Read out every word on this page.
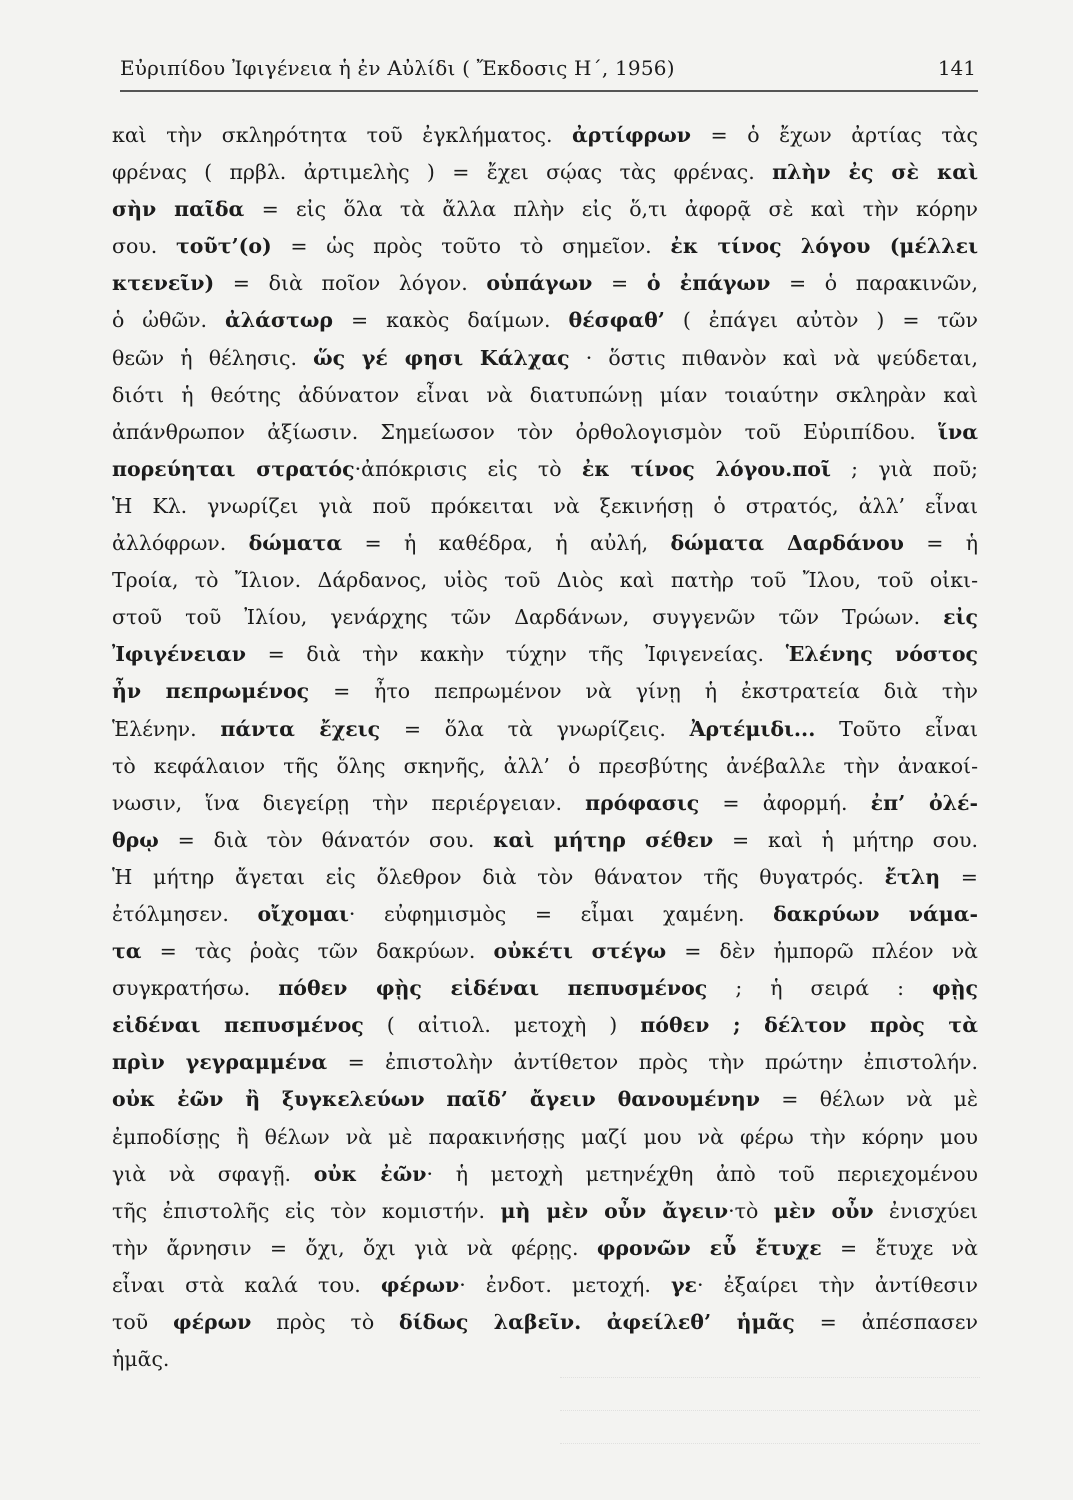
Εὐριπίδου Ἰφιγένεια ἡ ἐν Αὐλίδι ( Ἔκδοσις Η΄, 1956)	141
καὶ τὴν σκληρότητα τοῦ ἐγκλήματος. ἀρτίφρων = ὁ ἔχων ἀρτίας τὰς
φρένας ( πρβλ. ἀρτιμελὴς ) = ἔχει σῴας τὰς φρένας. πλὴν ἐς σὲ καὶ
σὴν παῖδα = εἰς ὅλα τὰ ἄλλα πλὴν εἰς ὅ,τι ἀφορᾷ σὲ καὶ τὴν κόρην
σου. τοῦτ’(ο) = ὡς πρὸς τοῦτο τὸ σημεῖον. ἐκ τίνος λόγου (μέλλει
κτενεῖν) = διὰ ποῖον λόγον. οὑπάγων = ὁ ἐπάγων = ὁ παρακινῶν,
ὁ ὠθῶν. ἀλάστωρ = κακὸς δαίμων. θέσφαθ’ ( ἐπάγει αὐτὸν ) = τῶν
θεῶν ἡ θέλησις. ὥς γέ φησι Κάλχας · ὅστις πιθανὸν καὶ νὰ ψεύδεται,
διότι ἡ θεότης ἀδύνατον εἶναι νὰ διατυπώνῃ μίαν τοιαύτην σκληρὰν καὶ
ἀπάνθρωπον ἀξίωσιν. Σημείωσον τὸν ὀρθολογισμὸν τοῦ Εὐριπίδου. ἵνα
πορεύηται στρατός·ἀπόκρισις εἰς τὸ ἐκ τίνος λόγου.ποῖ ; γιὰ ποῦ;
Ἡ Κλ. γνωρίζει γιὰ ποῦ πρόκειται νὰ ξεκινήσῃ ὁ στρατός, ἀλλ’ εἶναι
ἀλλόφρων. δώματα = ἡ καθέδρα, ἡ αὐλή, δώματα Δαρδάνου = ἡ
Τροία, τὸ Ἴλιον. Δάρδανος, υἱὸς τοῦ Διὸς καὶ πατὴρ τοῦ Ἴλου, τοῦ οἰκι-
στοῦ τοῦ Ἰλίου, γενάρχης τῶν Δαρδάνων, συγγενῶν τῶν Τρώων. εἰς
Ἰφιγένειαν = διὰ τὴν κακὴν τύχην τῆς Ἰφιγενείας. Ἑλένης νόστος
ἦν πεπρωμένος = ἦτο πεπρωμένον νὰ γίνῃ ἡ ἐκστρατεία διὰ τὴν
Ἑλένην. πάντα ἔχεις = ὅλα τὰ γνωρίζεις. Ἀρτέμιδι... Τοῦτο εἶναι
τὸ κεφάλαιον τῆς ὅλης σκηνῆς, ἀλλ’ ὁ πρεσβύτης ἀνέβαλλε τὴν ἀνακοί-
νωσιν, ἵνα διεγείρῃ τὴν περιέργειαν. πρόφασις = ἀφορμή. ἐπ’ ὀλέ-
θρῳ = διὰ τὸν θάνατόν σου. καὶ μήτηρ σέθεν = καὶ ἡ μήτηρ σου.
Ἡ μήτηρ ἄγεται εἰς ὄλεθρον διὰ τὸν θάνατον τῆς θυγατρός. ἔτλη =
ἐτόλμησεν. οἴχομαι· εὐφημισμὸς = εἶμαι χαμένη. δακρύων νάμα-
τα = τὰς ῥοὰς τῶν δακρύων. οὐκέτι στέγω = δὲν ἠμπορῶ πλέον νὰ
συγκρατήσω. πόθεν φῂς εἰδέναι πεπυσμένος ; ἡ σειρά : φῂς
εἰδέναι πεπυσμένος ( αἰτιολ. μετοχὴ ) πόθεν ; δέλτον πρὸς τὰ
πρὶν γεγραμμένα = ἐπιστολὴν ἀντίθετον πρὸς τὴν πρώτην ἐπιστολήν.
οὐκ ἐῶν ἢ ξυγκελεύων παῖδ’ ἄγειν θανουμένην = θέλων νὰ μὲ
ἐμποδίσῃς ἢ θέλων νὰ μὲ παρακινήσῃς μαζί μου νὰ φέρω τὴν κόρην μου
γιὰ νὰ σφαγῇ. οὐκ ἐῶν· ἡ μετοχὴ μετηνέχθη ἀπὸ τοῦ περιεχομένου
τῆς ἐπιστολῆς εἰς τὸν κομιστήν. μὴ μὲν οὖν ἄγειν·τὸ μὲν οὖν ἐνισχύει
τὴν ἄρνησιν = ὄχι, ὄχι γιὰ νὰ φέρῃς. φρονῶν εὖ ἔτυχε = ἔτυχε νὰ
εἶναι στὰ καλά του. φέρων· ἐνδοτ. μετοχή. γε· ἐξαίρει τὴν ἀντίθεσιν
τοῦ φέρων πρὸς τὸ δίδως λαβεῖν. ἀφείλεθ’ ἡμᾶς = ἀπέσπασεν
ἡμᾶς.
